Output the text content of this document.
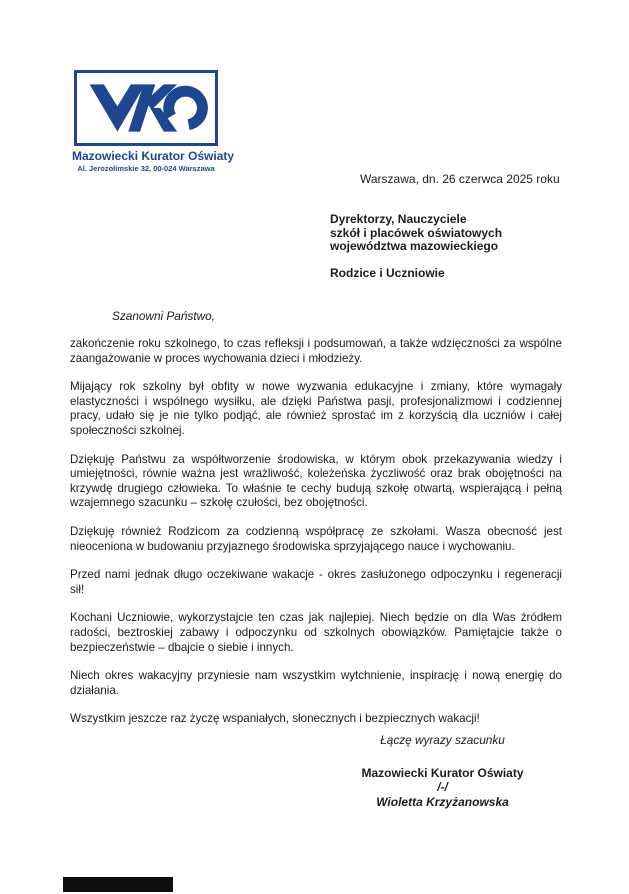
Mazowiecki Kurator Oświaty
Al. Jerozolimskie 32, 00-024 Warszawa
Warszawa, dn. 26 czerwca 2025 roku
Dyrektorzy, Nauczyciele
szkół i placówek oświatowych
województwa mazowieckiego
Rodzice i Uczniowie
Szanowni Państwo,

zakończenie roku szkolnego, to czas refleksji i podsumowań, a także wdzięczności za wspólne zaangażowanie w proces wychowania dzieci i młodzieży.

Mijający rok szkolny był obfity w nowe wyzwania edukacyjne i zmiany, które wymagały elastyczności i wspólnego wysiłku, ale dzięki Państwa pasji, profesjonalizmowi i codziennej pracy, udało się je nie tylko podjąć, ale również sprostać im z korzyścią dla uczniów i całej społeczności szkolnej.

Dziękuję Państwu za współtworzenie środowiska, w którym obok przekazywania wiedzy i umiejętności, równie ważna jest wrażliwość, koleżeńska życzliwość oraz brak obojętności na krzywdę drugiego człowieka. To właśnie te cechy budują szkołę otwartą, wspierającą i pełną wzajemnego szacunku – szkołę czułości, bez obojętności.

Dziękuję również Rodzicom za codzienną współpracę ze szkołami. Wasza obecność jest nieoceniona w budowaniu przyjaznego środowiska sprzyjającego nauce i wychowaniu.

Przed nami jednak długo oczekiwane wakacje - okres zasłużonego odpoczynku i regeneracji sił!

Kochani Uczniowie, wykorzystajcie ten czas jak najlepiej. Niech będzie on dla Was źródłem radości, beztroskiej zabawy i odpoczynku od szkolnych obowiązków. Pamiętajcie także o bezpieczeństwie – dbajcie o siebie i innych.

Niech okres wakacyjny przyniesie nam wszystkim wytchnienie, inspirację i nową energię do działania.

Wszystkim jeszcze raz życzę wspaniałych, słonecznych i bezpiecznych wakacji!

Łączę wyrazy szacunku
Mazowiecki Kurator Oświaty
/-/
Wioletta Krzyżanowska
